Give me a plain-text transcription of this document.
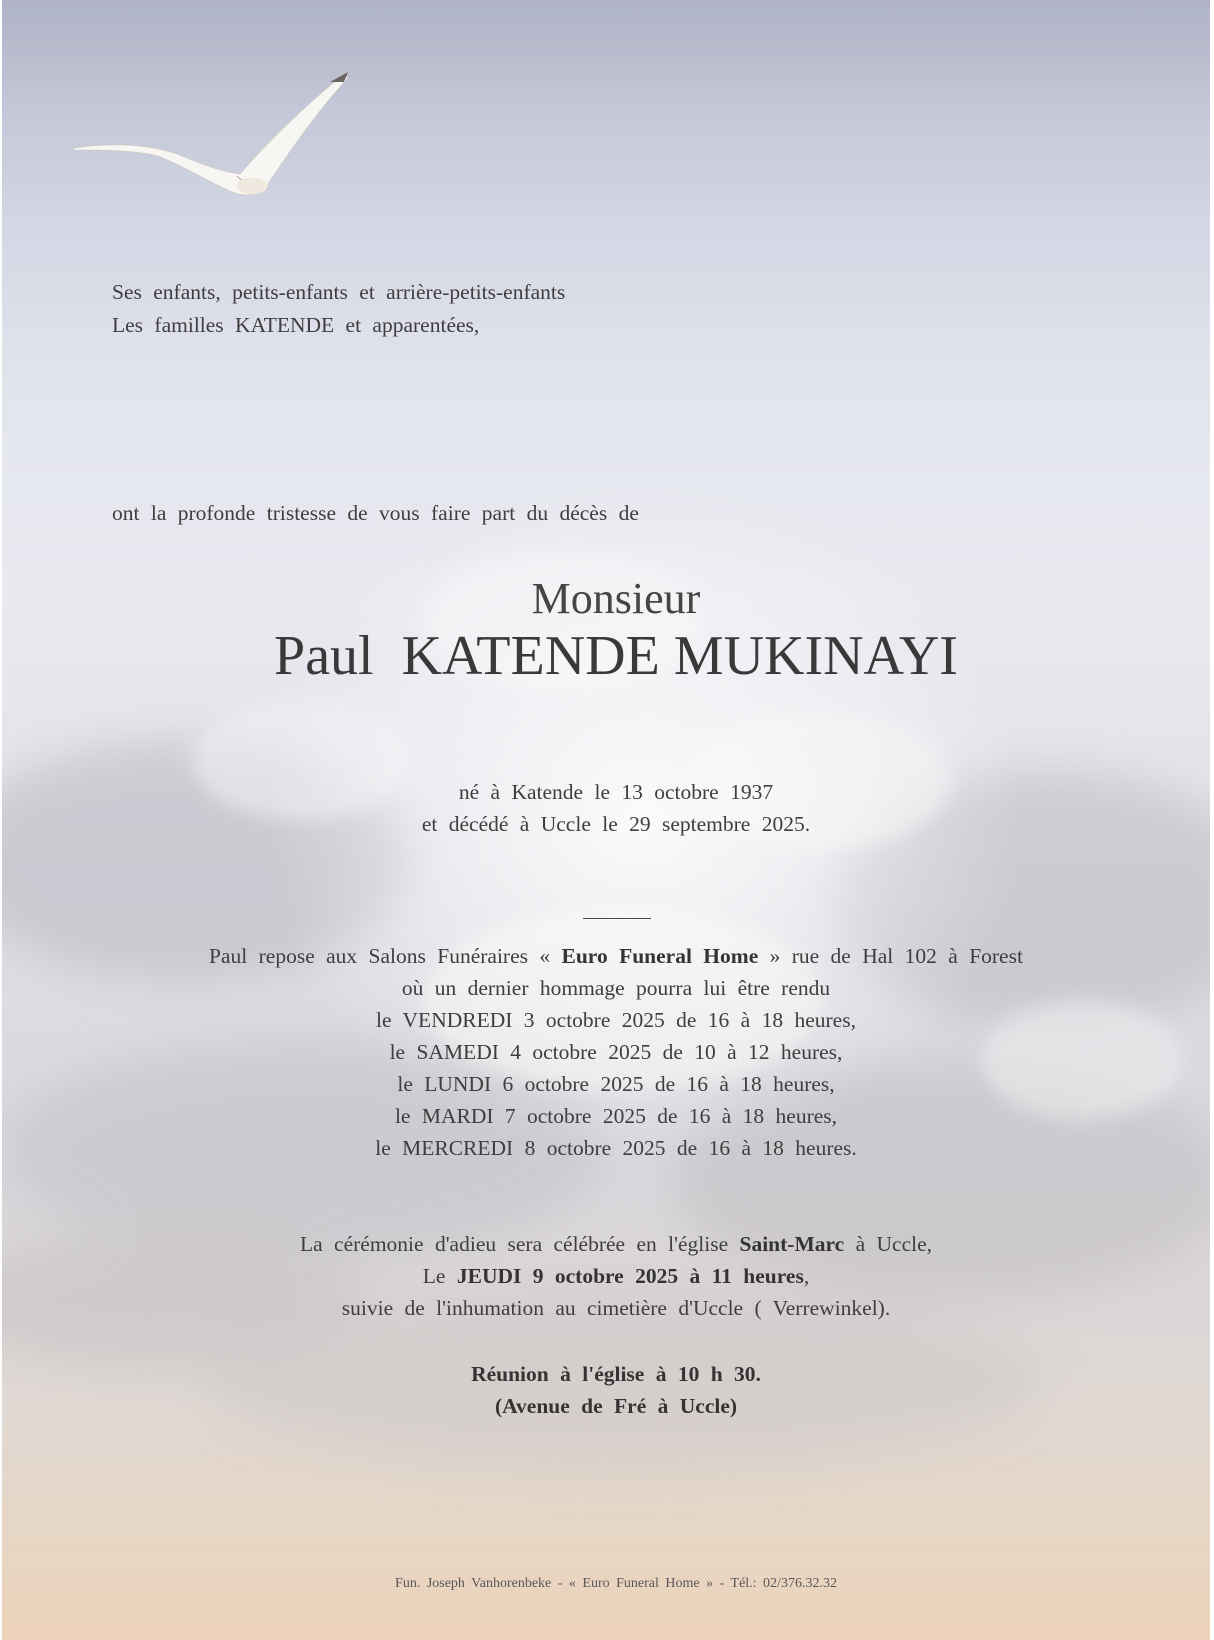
Ses enfants, petits-enfants et arrière-petits-enfants
Les familles KATENDE et apparentées,
ont la profonde tristesse de vous faire part du décès de
Monsieur
Paul  KATENDE MUKINAYI
né à Katende le 13 octobre 1937
et décédé à Uccle le 29 septembre 2025.
Paul repose aux Salons Funéraires « Euro Funeral Home » rue de Hal 102 à Forest
où un dernier hommage pourra lui être rendu
le VENDREDI 3 octobre 2025 de 16 à 18 heures,
le SAMEDI 4 octobre 2025 de 10 à 12 heures,
le LUNDI 6 octobre 2025 de 16 à 18 heures,
le MARDI 7 octobre 2025 de 16 à 18 heures,
le MERCREDI 8 octobre 2025 de 16 à 18 heures.
La cérémonie d'adieu sera célébrée en l'église Saint-Marc à Uccle,
Le JEUDI 9 octobre 2025 à 11 heures,
suivie de l'inhumation au cimetière d'Uccle ( Verrewinkel).
Réunion à l'église à 10 h 30.
(Avenue de Fré à Uccle)
Fun. Joseph Vanhorenbeke - « Euro Funeral Home » - Tél.: 02/376.32.32
